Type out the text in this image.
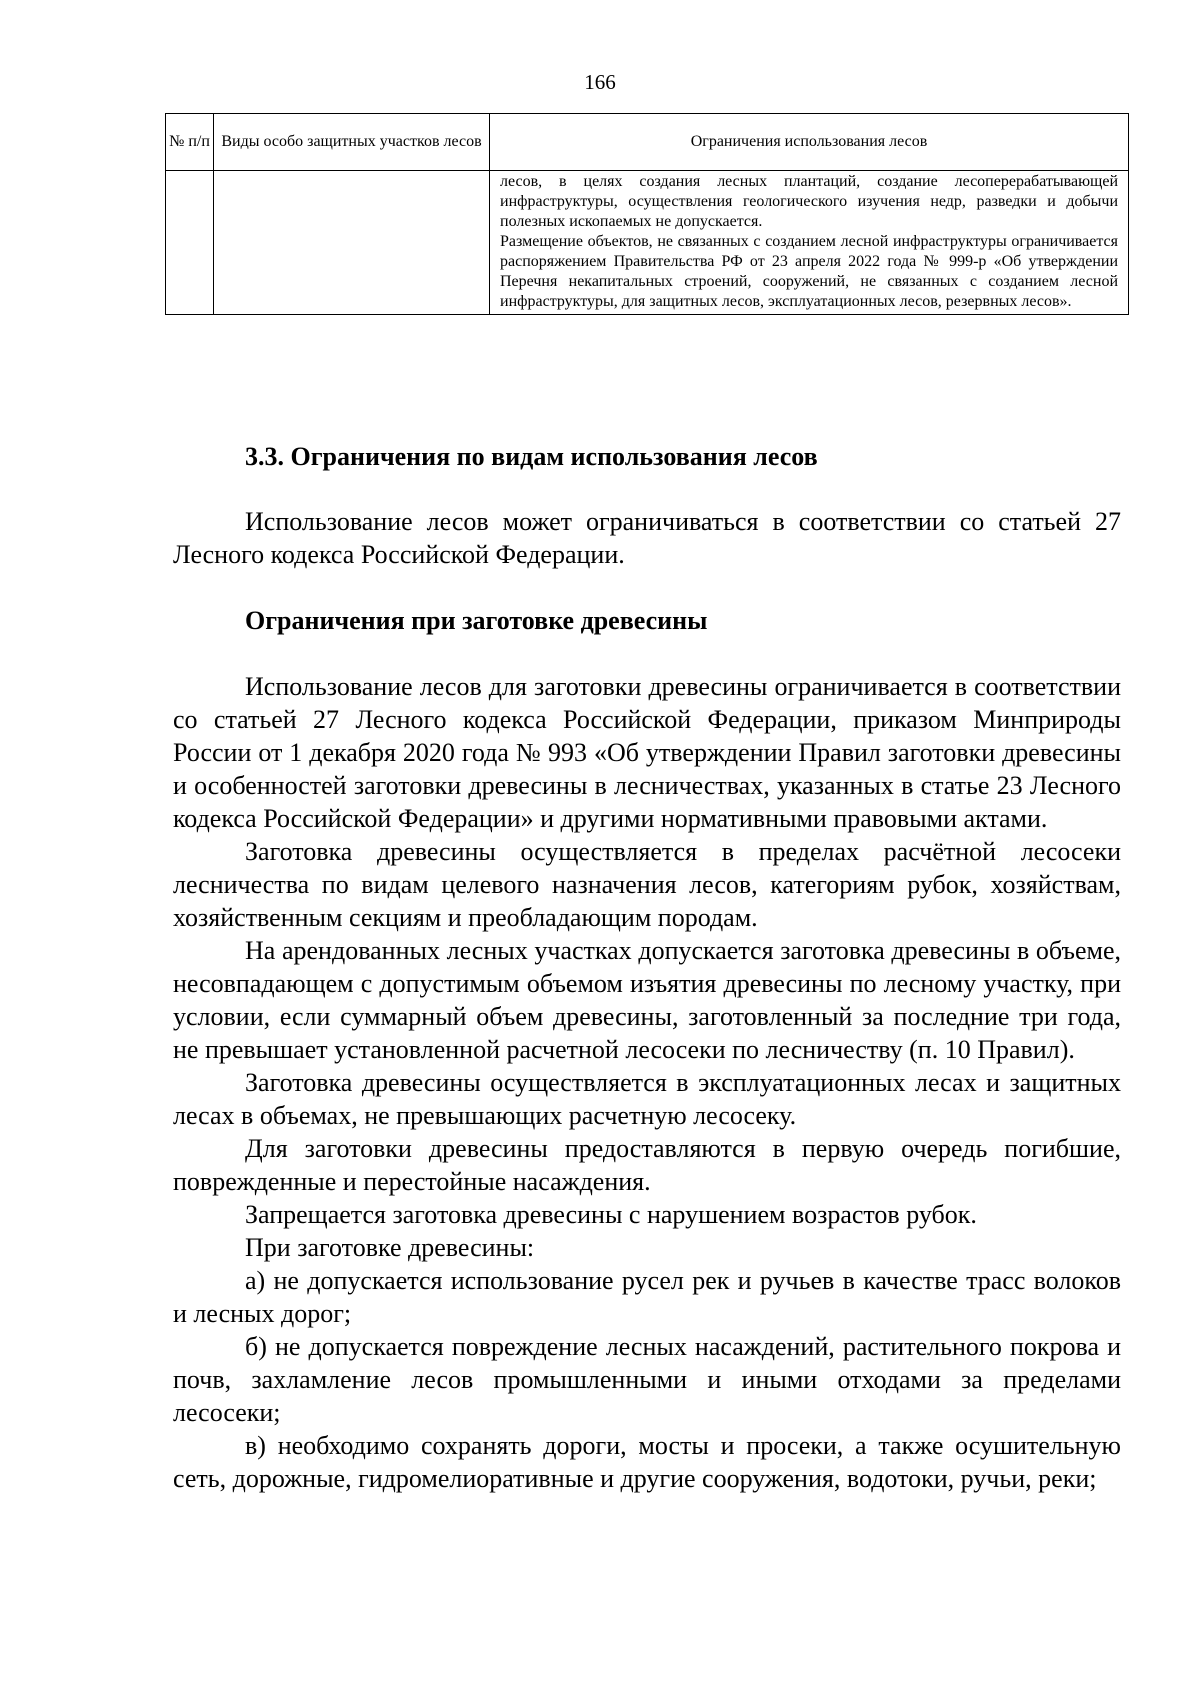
166
№ п/п	Виды особо защитных участков лесов	Ограничения использования лесов

		лесов, в целях создания лесных плантаций, создание лесоперерабатывающей инфраструктуры, осуществления геологического изучения недр, разведки и добычи полезных ископаемых не допускается.

Размещение объектов, не связанных с созданием лесной инфраструктуры ограничивается распоряжением Правительства РФ от 23 апреля 2022 года № 999-р «Об утверждении Перечня некапитальных строений, сооружений, не связанных с созданием лесной инфраструктуры, для защитных лесов, эксплуатационных лесов, резервных лесов».

3.3. Ограничения по видам использования лесов

Использование лесов может ограничиваться в соответствии со статьей 27 Лесного кодекса Российской Федерации.

Ограничения при заготовке древесины

Использование лесов для заготовки древесины ограничивается в соответствии со статьей 27 Лесного кодекса Российской Федерации, приказом Минприроды России от 1 декабря 2020 года № 993 «Об утверждении Правил заготовки древесины и особенностей заготовки древесины в лесничествах, указанных в статье 23 Лесного кодекса Российской Федерации» и другими нормативными правовыми актами.

Заготовка древесины осуществляется в пределах расчётной лесосеки лесничества по видам целевого назначения лесов, категориям рубок, хозяйствам, хозяйственным секциям и преобладающим породам.

На арендованных лесных участках допускается заготовка древесины в объеме, несовпадающем с допустимым объемом изъятия древесины по лесному участку, при условии, если суммарный объем древесины, заготовленный за последние три года, не превышает установленной расчетной лесосеки по лесничеству (п. 10 Правил).

Заготовка древесины осуществляется в эксплуатационных лесах и защитных лесах в объемах, не превышающих расчетную лесосеку.

Для заготовки древесины предоставляются в первую очередь погибшие, поврежденные и перестойные насаждения.

Запрещается заготовка древесины с нарушением возрастов рубок.

При заготовке древесины:

а) не допускается использование русел рек и ручьев в качестве трасс волоков и лесных дорог;

б) не допускается повреждение лесных насаждений, растительного покрова и почв, захламление лесов промышленными и иными отходами за пределами лесосеки;

в) необходимо сохранять дороги, мосты и просеки, а также осушительную сеть, дорожные, гидромелиоративные и другие сооружения, водотоки, ручьи, реки;
